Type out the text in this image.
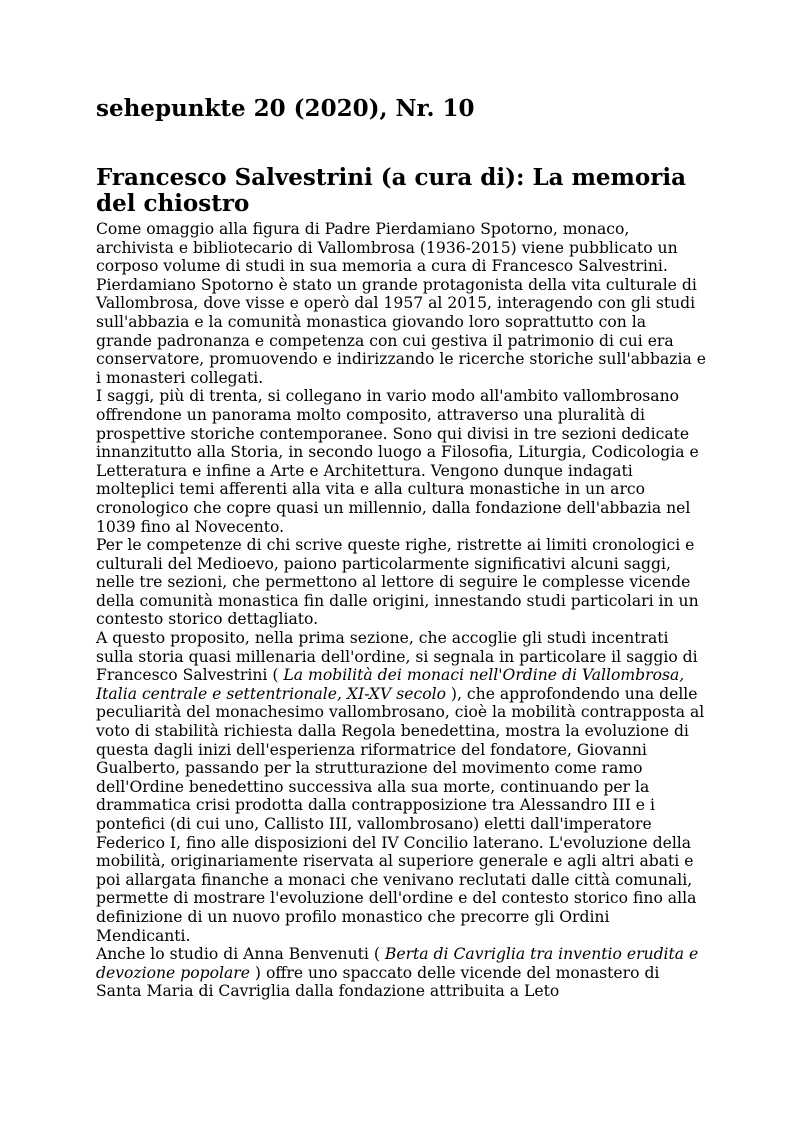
sehepunkte 20 (2020), Nr. 10
Francesco Salvestrini (a cura di): La memoria del chiostro

Come omaggio alla figura di Padre Pierdamiano Spotorno, monaco, archivista e bibliotecario di Vallombrosa (1936-2015) viene pubblicato un corposo volume di studi in sua memoria a cura di Francesco Salvestrini. Pierdamiano Spotorno è stato un grande protagonista della vita culturale di Vallombrosa, dove visse e operò dal 1957 al 2015, interagendo con gli studi sull'abbazia e la comunità monastica giovando loro soprattutto con la grande padronanza e competenza con cui gestiva il patrimonio di cui era conservatore, promuovendo e indirizzando le ricerche storiche sull'abbazia e i monasteri collegati.

I saggi, più di trenta, si collegano in vario modo all'ambito vallombrosano offrendone un panorama molto composito, attraverso una pluralità di prospettive storiche contemporanee. Sono qui divisi in tre sezioni dedicate innanzitutto alla Storia, in secondo luogo a Filosofia, Liturgia, Codicologia e Letteratura e infine a Arte e Architettura. Vengono dunque indagati molteplici temi afferenti alla vita e alla cultura monastiche in un arco cronologico che copre quasi un millennio, dalla fondazione dell'abbazia nel 1039 fino al Novecento.

Per le competenze di chi scrive queste righe, ristrette ai limiti cronologici e culturali del Medioevo, paiono particolarmente significativi alcuni saggi, nelle tre sezioni, che permettono al lettore di seguire le complesse vicende della comunità monastica fin dalle origini, innestando studi particolari in un contesto storico dettagliato.

A questo proposito, nella prima sezione, che accoglie gli studi incentrati sulla storia quasi millenaria dell'ordine, si segnala in particolare il saggio di Francesco Salvestrini ( La mobilità dei monaci nell'Ordine di Vallombrosa, Italia centrale e settentrionale, XI-XV secolo ), che approfondendo una delle peculiarità del monachesimo vallombrosano, cioè la mobilità contrapposta al voto di stabilità richiesta dalla Regola benedettina, mostra la evoluzione di questa dagli inizi dell'esperienza riformatrice del fondatore, Giovanni Gualberto, passando per la strutturazione del movimento come ramo dell'Ordine benedettino successiva alla sua morte, continuando per la drammatica crisi prodotta dalla contrapposizione tra Alessandro III e i pontefici (di cui uno, Callisto III, vallombrosano) eletti dall'imperatore Federico I, fino alle disposizioni del IV Concilio laterano. L'evoluzione della mobilità, originariamente riservata al superiore generale e agli altri abati e poi allargata finanche a monaci che venivano reclutati dalle città comunali, permette di mostrare l'evoluzione dell'ordine e del contesto storico fino alla definizione di un nuovo profilo monastico che precorre gli Ordini Mendicanti.

Anche lo studio di Anna Benvenuti ( Berta di Cavriglia tra inventio erudita e devozione popolare ) offre uno spaccato delle vicende del monastero di Santa Maria di Cavriglia dalla fondazione attribuita a Leto
